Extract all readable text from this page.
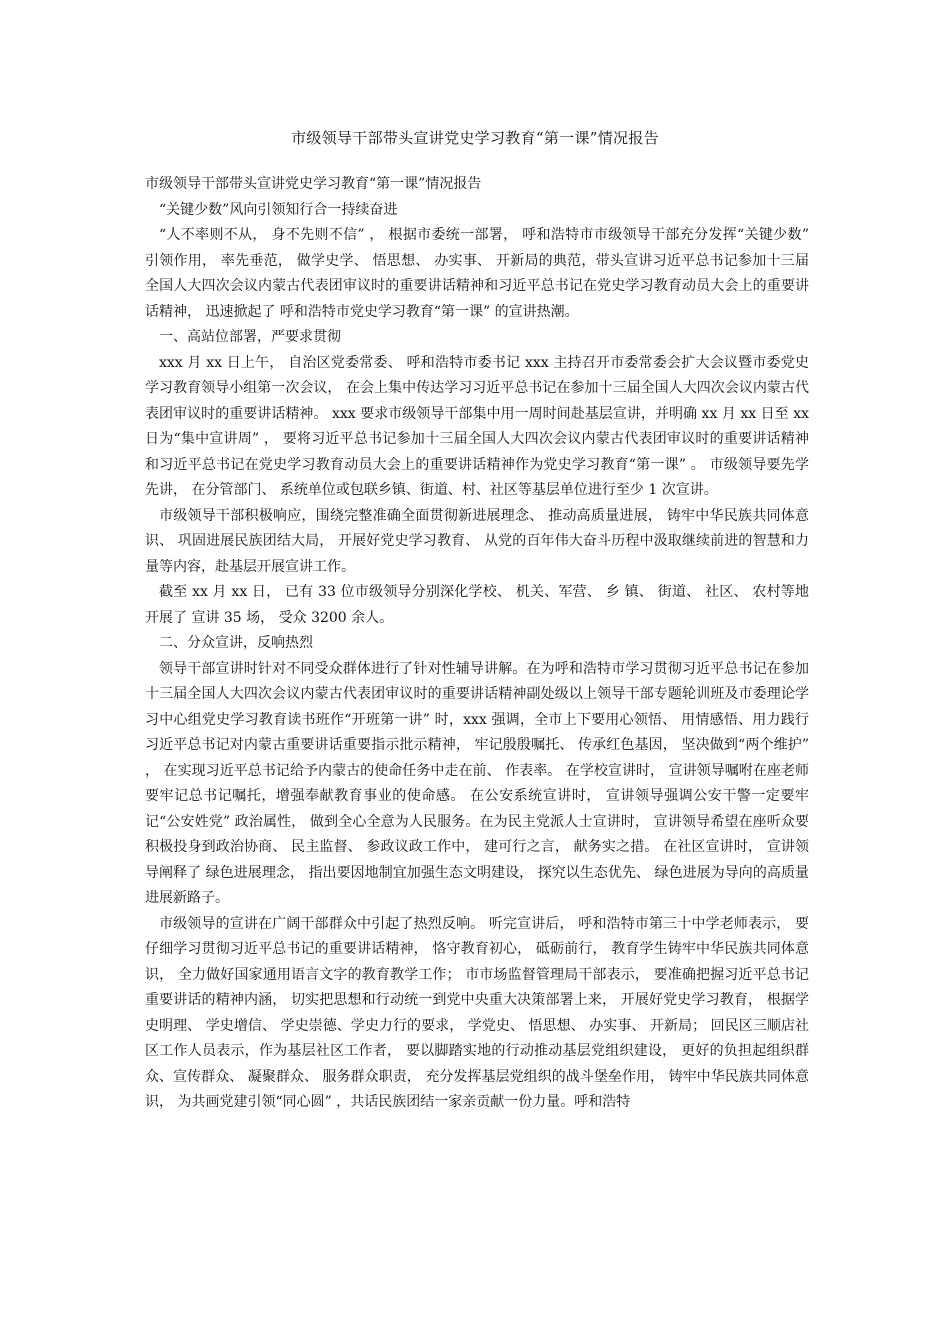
市级领导干部带头宣讲党史学习教育“第一课”情况报告

市级领导干部带头宣讲党史学习教育“第一课”情况报告

“关键少数”风向引领知行合一持续奋进

“人不率则不从， 身不先则不信” ， 根据市委统一部署， 呼和浩特市市级领导干部充分发挥“关键少数” 引领作用， 率先垂范， 做学史学、 悟思想、 办实事、 开新局的典范，带头宣讲习近平总书记参加十三届全国人大四次会议内蒙古代表团审议时的重要讲话精神和习近平总书记在党史学习教育动员大会上的重要讲话精神， 迅速掀起了 呼和浩特市党史学习教育“第一课” 的宣讲热潮。

一、高站位部署，严要求贯彻

xxx 月 xx 日上午， 自治区党委常委、 呼和浩特市委书记 xxx 主持召开市委常委会扩大会议暨市委党史学习教育领导小组第一次会议， 在会上集中传达学习习近平总书记在参加十三届全国人大四次会议内蒙古代表团审议时的重要讲话精神。 xxx 要求市级领导干部集中用一周时间赴基层宣讲，并明确 xx 月 xx 日至 xx 日为“集中宣讲周” ， 要将习近平总书记参加十三届全国人大四次会议内蒙古代表团审议时的重要讲话精神和习近平总书记在党史学习教育动员大会上的重要讲话精神作为党史学习教育“第一课” 。 市级领导要先学先讲， 在分管部门、 系统单位或包联乡镇、街道、村、社区等基层单位进行至少 1 次宣讲。

市级领导干部积极响应，围绕完整准确全面贯彻新进展理念、 推动高质量进展， 铸牢中华民族共同体意识、 巩固进展民族团结大局， 开展好党史学习教育、 从党的百年伟大奋斗历程中汲取继续前进的智慧和力量等内容，赴基层开展宣讲工作。

截至 xx 月 xx 日， 已有 33 位市级领导分别深化学校、 机关、军营、 乡 镇、 街道、 社区、 农村等地开展了 宣讲 35 场， 受众 3200 余人。

二、分众宣讲，反响热烈

领导干部宣讲时针对不同受众群体进行了针对性辅导讲解。在为呼和浩特市学习贯彻习近平总书记在参加十三届全国人大四次会议内蒙古代表团审议时的重要讲话精神副处级以上领导干部专题轮训班及市委理论学习中心组党史学习教育读书班作“开班第一讲” 时，xxx 强调，全市上下要用心领悟、 用情感悟、用力践行习近平总书记对内蒙古重要讲话重要指示批示精神， 牢记殷殷嘱托、 传承红色基因， 坚决做到“两个维护” ， 在实现习近平总书记给予内蒙古的使命任务中走在前、 作表率。 在学校宣讲时， 宣讲领导嘱咐在座老师要牢记总书记嘱托，增强奉献教育事业的使命感。 在公安系统宣讲时， 宣讲领导强调公安干警一定要牢记“公安姓党” 政治属性， 做到全心全意为人民服务。在为民主党派人士宣讲时， 宣讲领导希望在座听众要积极投身到政治协商、 民主监督、 参政议政工作中， 建可行之言， 献务实之措。 在社区宣讲时， 宣讲领导阐释了 绿色进展理念， 指出要因地制宜加强生态文明建设， 探究以生态优先、 绿色进展为导向的高质量进展新路子。

市级领导的宣讲在广阔干部群众中引起了热烈反响。 听完宣讲后， 呼和浩特市第三十中学老师表示， 要仔细学习贯彻习近平总书记的重要讲话精神， 恪守教育初心， 砥砺前行， 教育学生铸牢中华民族共同体意识， 全力做好国家通用语言文字的教育教学工作； 市市场监督管理局干部表示， 要准确把握习近平总书记重要讲话的精神内涵， 切实把思想和行动统一到党中央重大决策部署上来， 开展好党史学习教育， 根据学史明理、 学史增信、 学史崇德、学史力行的要求， 学党史、 悟思想、 办实事、 开新局； 回民区三顺店社区工作人员表示，作为基层社区工作者， 要以脚踏实地的行动推动基层党组织建设， 更好的负担起组织群众、宣传群众、 凝聚群众、 服务群众职责， 充分发挥基层党组织的战斗堡垒作用， 铸牢中华民族共同体意识， 为共画党建引领“同心圆” ，共话民族团结一家亲贡献一份力量。呼和浩特
